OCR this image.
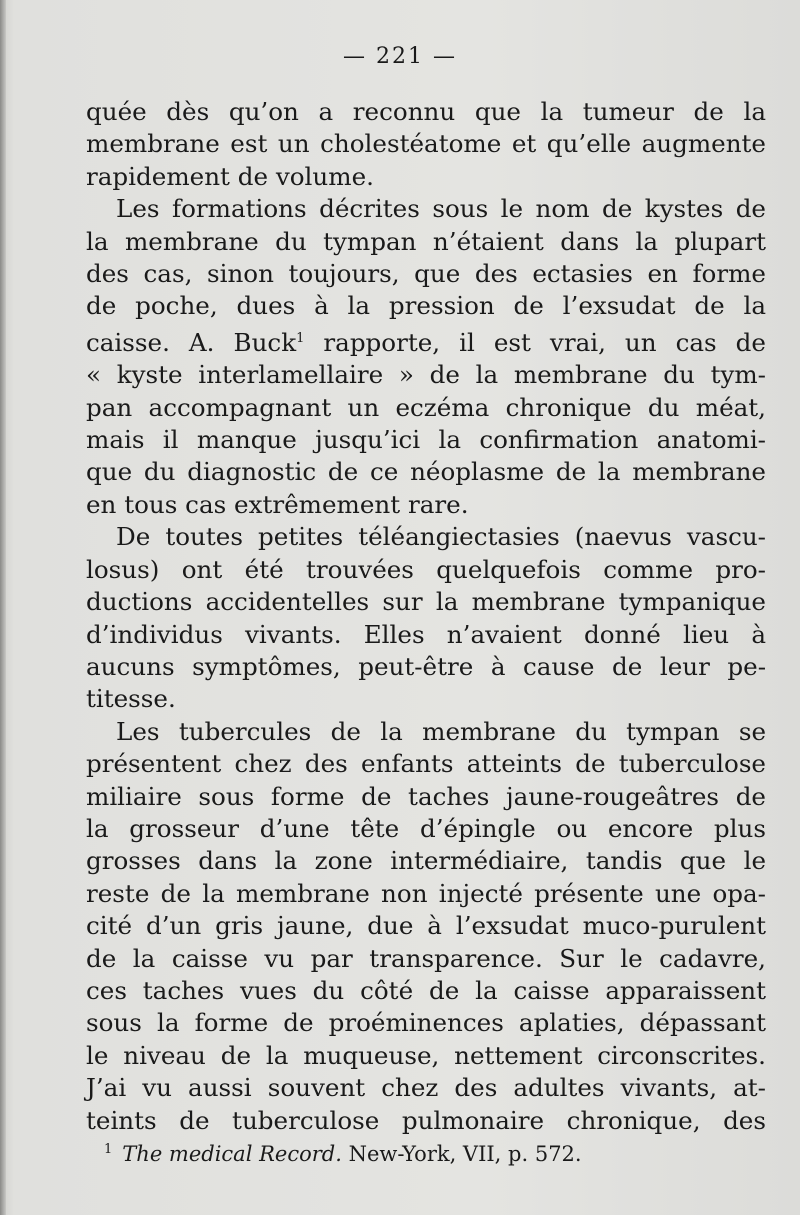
— 221 —
quée dès qu’on a reconnu que la tumeur de la
membrane est un cholestéatome et qu’elle augmente
rapidement de volume.
Les formations décrites sous le nom de kystes de
la membrane du tympan n’étaient dans la plupart
des cas, sinon toujours, que des ectasies en forme
de poche, dues à la pression de l’exsudat de la
caisse. A. Buck$^1$ rapporte, il est vrai, un cas de
« kyste interlamellaire » de la membrane du tym-
pan accompagnant un eczéma chronique du méat,
mais il manque jusqu’ici la confirmation anatomi-
que du diagnostic de ce néoplasme de la membrane
en tous cas extrêmement rare.
De toutes petites téléangiectasies (naevus vascu-
losus) ont été trouvées quelquefois comme pro-
ductions accidentelles sur la membrane tympanique
d’individus vivants. Elles n’avaient donné lieu à
aucuns symptômes, peut-être à cause de leur pe-
titesse.
Les tubercules de la membrane du tympan se
présentent chez des enfants atteints de tuberculose
miliaire sous forme de taches jaune-rougeâtres de
la grosseur d’une tête d’épingle ou encore plus
grosses dans la zone intermédiaire, tandis que le
reste de la membrane non injecté présente une opa-
cité d’un gris jaune, due à l’exsudat muco-purulent
de la caisse vu par transparence. Sur le cadavre,
ces taches vues du côté de la caisse apparaissent
sous la forme de proéminences aplaties, dépassant
le niveau de la muqueuse, nettement circonscrites.
J’ai vu aussi souvent chez des adultes vivants, at-
teints de tuberculose pulmonaire chronique, des
$^1$ The medical Record. New-York, VII, p. 572.
